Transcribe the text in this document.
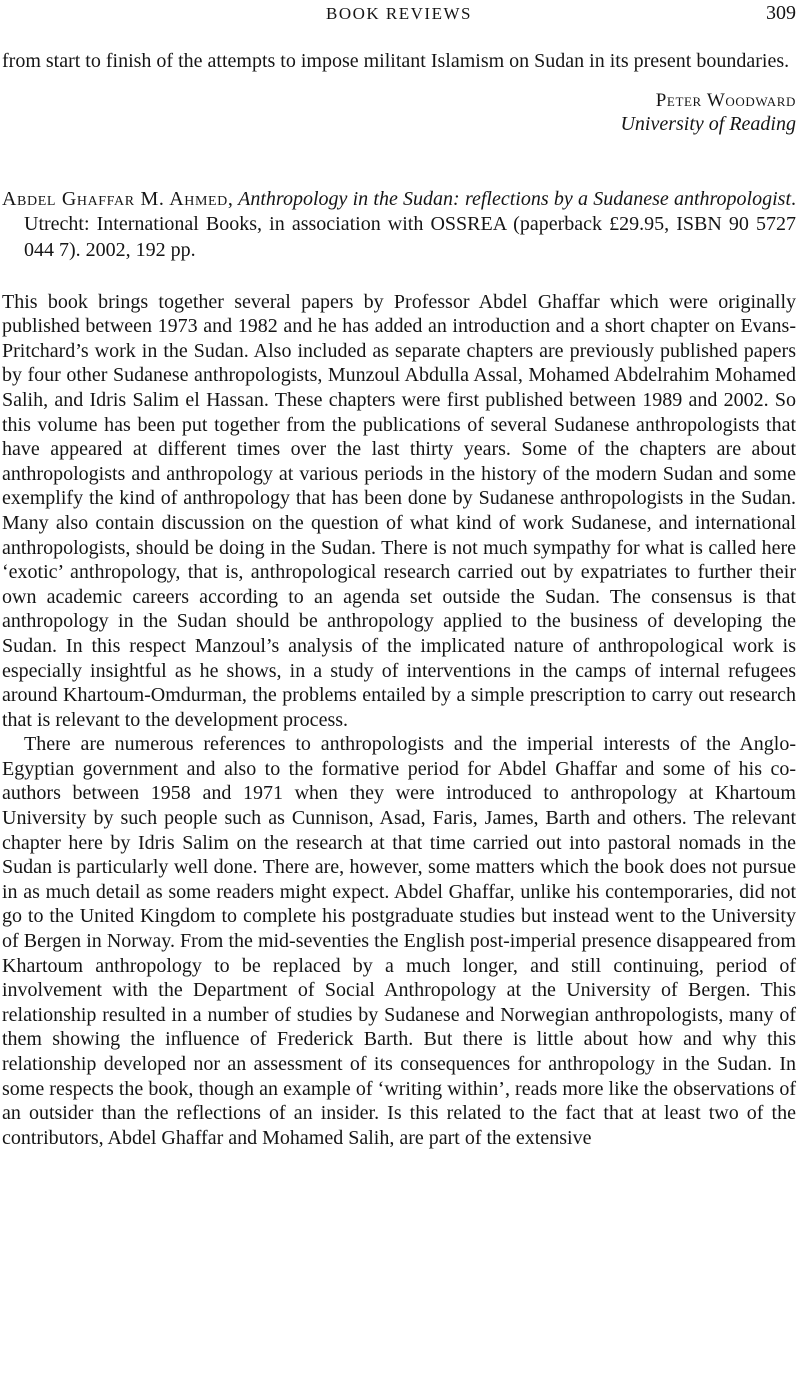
BOOK REVIEWS	309

from start to finish of the attempts to impose militant Islamism on Sudan in its present boundaries.

Peter Woodward
University of Reading

Abdel Ghaffar M. Ahmed, Anthropology in the Sudan: reflections by a Sudanese anthropologist. Utrecht: International Books, in association with OSSREA (paperback £29.95, ISBN 90 5727 044 7). 2002, 192 pp.

This book brings together several papers by Professor Abdel Ghaffar which were originally published between 1973 and 1982 and he has added an introduction and a short chapter on Evans-Pritchard’s work in the Sudan. Also included as separate chapters are previously published papers by four other Sudanese anthropologists, Munzoul Abdulla Assal, Mohamed Abdelrahim Mohamed Salih, and Idris Salim el Hassan. These chapters were first published between 1989 and 2002. So this volume has been put together from the publications of several Sudanese anthropologists that have appeared at different times over the last thirty years. Some of the chapters are about anthropologists and anthropology at various periods in the history of the modern Sudan and some exemplify the kind of anthropology that has been done by Sudanese anthropologists in the Sudan. Many also contain discussion on the question of what kind of work Sudanese, and international anthropologists, should be doing in the Sudan. There is not much sympathy for what is called here ‘exotic’ anthropology, that is, anthropological research carried out by expatriates to further their own academic careers according to an agenda set outside the Sudan. The consensus is that anthropology in the Sudan should be anthropology applied to the business of developing the Sudan. In this respect Manzoul’s analysis of the implicated nature of anthropological work is especially insightful as he shows, in a study of interventions in the camps of internal refugees around Khartoum-Omdurman, the problems entailed by a simple prescription to carry out research that is relevant to the development process.

There are numerous references to anthropologists and the imperial interests of the Anglo-Egyptian government and also to the formative period for Abdel Ghaffar and some of his co-authors between 1958 and 1971 when they were introduced to anthropology at Khartoum University by such people such as Cunnison, Asad, Faris, James, Barth and others. The relevant chapter here by Idris Salim on the research at that time carried out into pastoral nomads in the Sudan is particularly well done. There are, however, some matters which the book does not pursue in as much detail as some readers might expect. Abdel Ghaffar, unlike his contemporaries, did not go to the United Kingdom to complete his postgraduate studies but instead went to the University of Bergen in Norway. From the mid-seventies the English post-imperial presence disappeared from Khartoum anthropology to be replaced by a much longer, and still continuing, period of involvement with the Department of Social Anthropology at the University of Bergen. This relationship resulted in a number of studies by Sudanese and Norwegian anthropologists, many of them showing the influence of Frederick Barth. But there is little about how and why this relationship developed nor an assessment of its consequences for anthropology in the Sudan. In some respects the book, though an example of ‘writing within’, reads more like the observations of an outsider than the reflections of an insider. Is this related to the fact that at least two of the contributors, Abdel Ghaffar and Mohamed Salih, are part of the extensive
